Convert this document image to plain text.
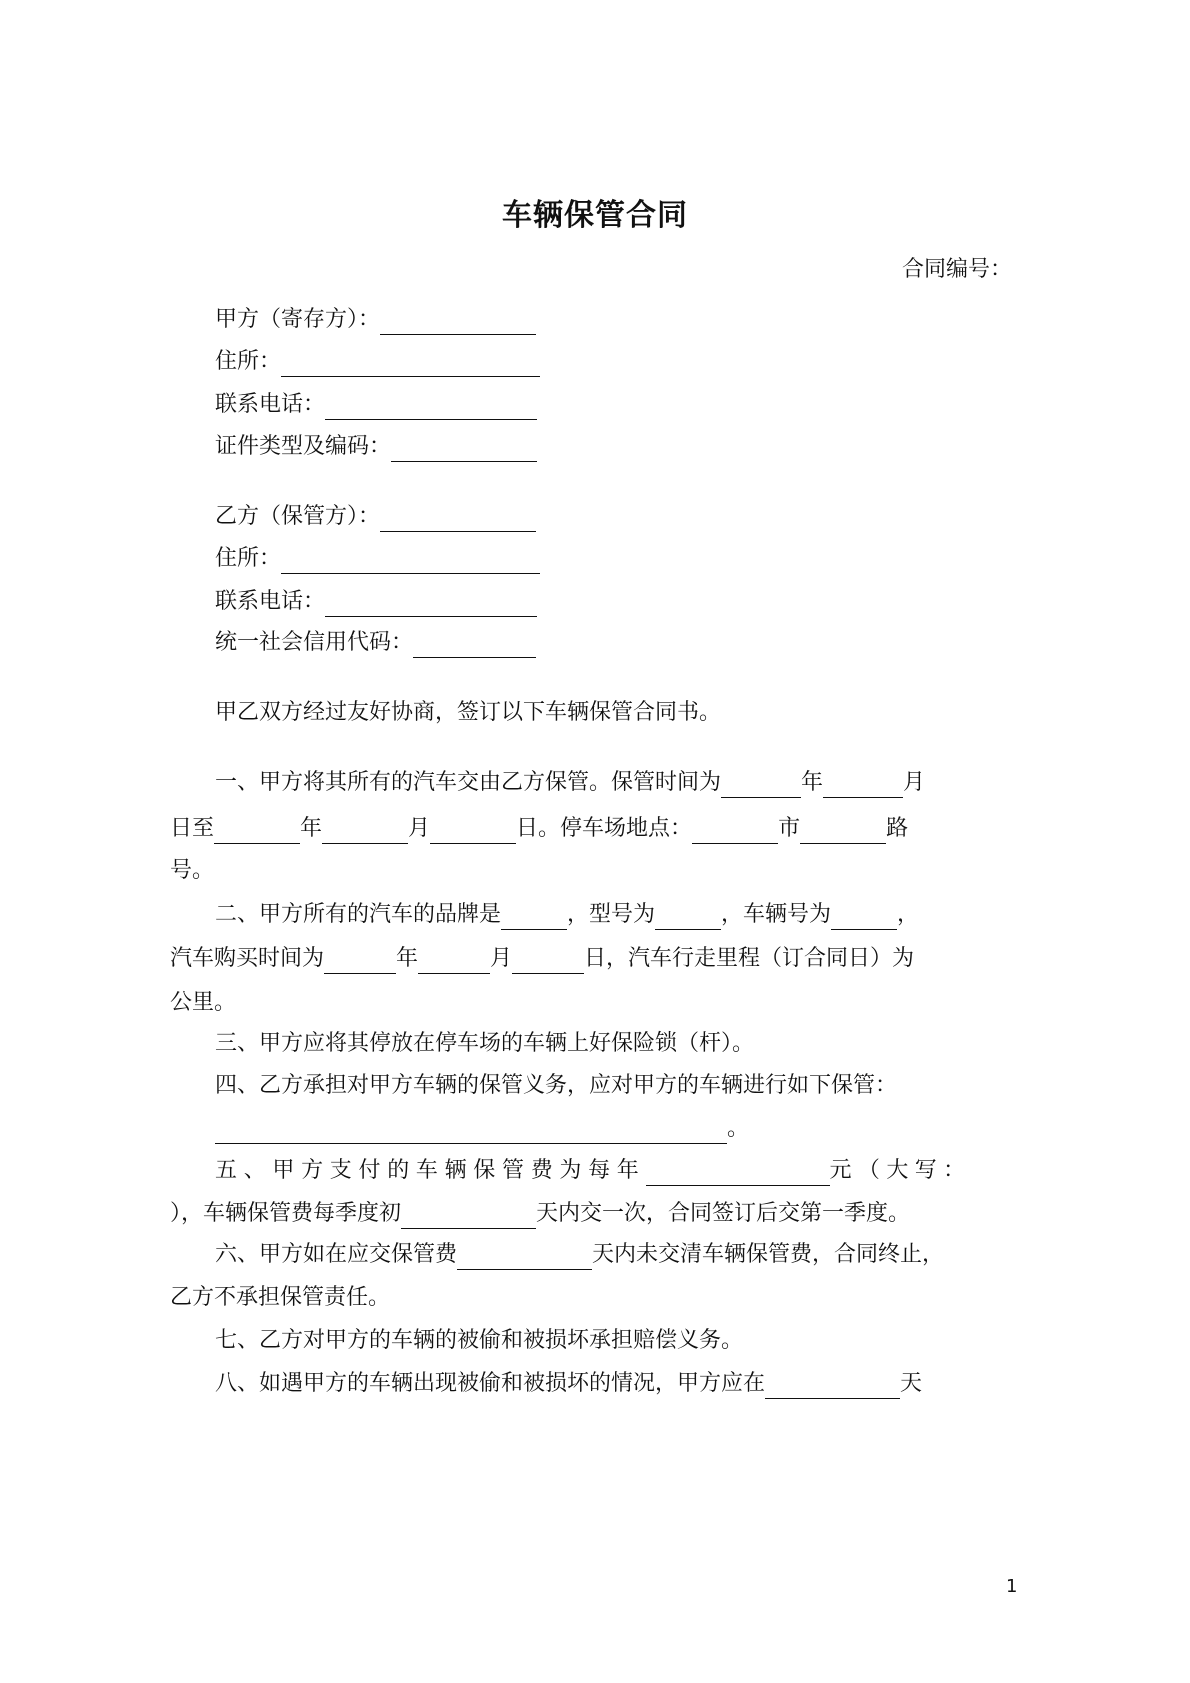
车辆保管合同
合同编号：
甲方（寄存方）：
住所：
联系电话：
证件类型及编码：
乙方（保管方）：
住所：
联系电话：
统一社会信用代码：
甲乙双方经过友好协商，签订以下车辆保管合同书。
一、甲方将其所有的汽车交由乙方保管。保管时间为	年	月
日至	年	月	日。停车场地点：	市	路
号。
二、甲方所有的汽车的品牌是	，型号为	，车辆号为	，
汽车购买时间为	年	月	日，汽车行走里程（订合同日）为
公里。
三、甲方应将其停放在停车场的车辆上好保险锁（杆）。
四、乙方承担对甲方车辆的保管义务，应对甲方的车辆进行如下保管：
。
五、甲方支付的车辆保管费为每年	元（大写：
），车辆保管费每季度初	天内交一次，合同签订后交第一季度。
六、甲方如在应交保管费	天内未交清车辆保管费，合同终止，
乙方不承担保管责任。
七、乙方对甲方的车辆的被偷和被损坏承担赔偿义务。
八、如遇甲方的车辆出现被偷和被损坏的情况，甲方应在	天
1
